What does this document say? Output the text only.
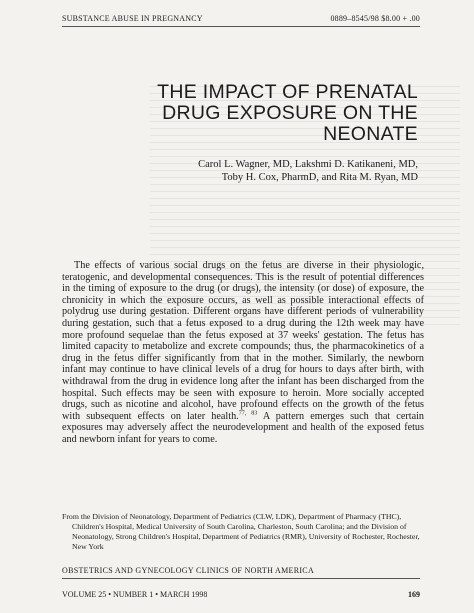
SUBSTANCE ABUSE IN PREGNANCY	0889–8545/98 $8.00 + .00
THE IMPACT OF PRENATAL
DRUG EXPOSURE ON THE
NEONATE
Carol L. Wagner, MD, Lakshmi D. Katikaneni, MD,
Toby H. Cox, PharmD, and Rita M. Ryan, MD

The effects of various social drugs on the fetus are diverse in their physiologic, teratogenic, and developmental consequences. This is the result of potential differences in the timing of exposure to the drug (or drugs), the intensity (or dose) of exposure, the chronicity in which the exposure occurs, as well as possible interactional effects of polydrug use during gestation. Different organs have different periods of vulnerability during gestation, such that a fetus exposed to a drug during the 12th week may have more profound sequelae than the fetus exposed at 37 weeks' gestation. The fetus has limited capacity to metabolize and excrete compounds; thus, the pharmacokinetics of a drug in the fetus differ significantly from that in the mother. Similarly, the newborn infant may continue to have clinical levels of a drug for hours to days after birth, with withdrawal from the drug in evidence long after the infant has been discharged from the hospital. Such effects may be seen with exposure to heroin. More socially accepted drugs, such as nicotine and alcohol, have profound effects on the growth of the fetus with subsequent effects on later health.$^{77, 83}$ A pattern emerges such that certain exposures may adversely affect the neurodevelopment and health of the exposed fetus and newborn infant for years to come.

From the Division of Neonatology, Department of Pediatrics (CLW, LDK), Department of Pharmacy (THC), Children's Hospital, Medical University of South Carolina, Charleston, South Carolina; and the Division of Neonatology, Strong Children's Hospital, Department of Pediatrics (RMR), University of Rochester, Rochester, New York

OBSTETRICS AND GYNECOLOGY CLINICS OF NORTH AMERICA
VOLUME 25 • NUMBER 1 • MARCH 1998	169
